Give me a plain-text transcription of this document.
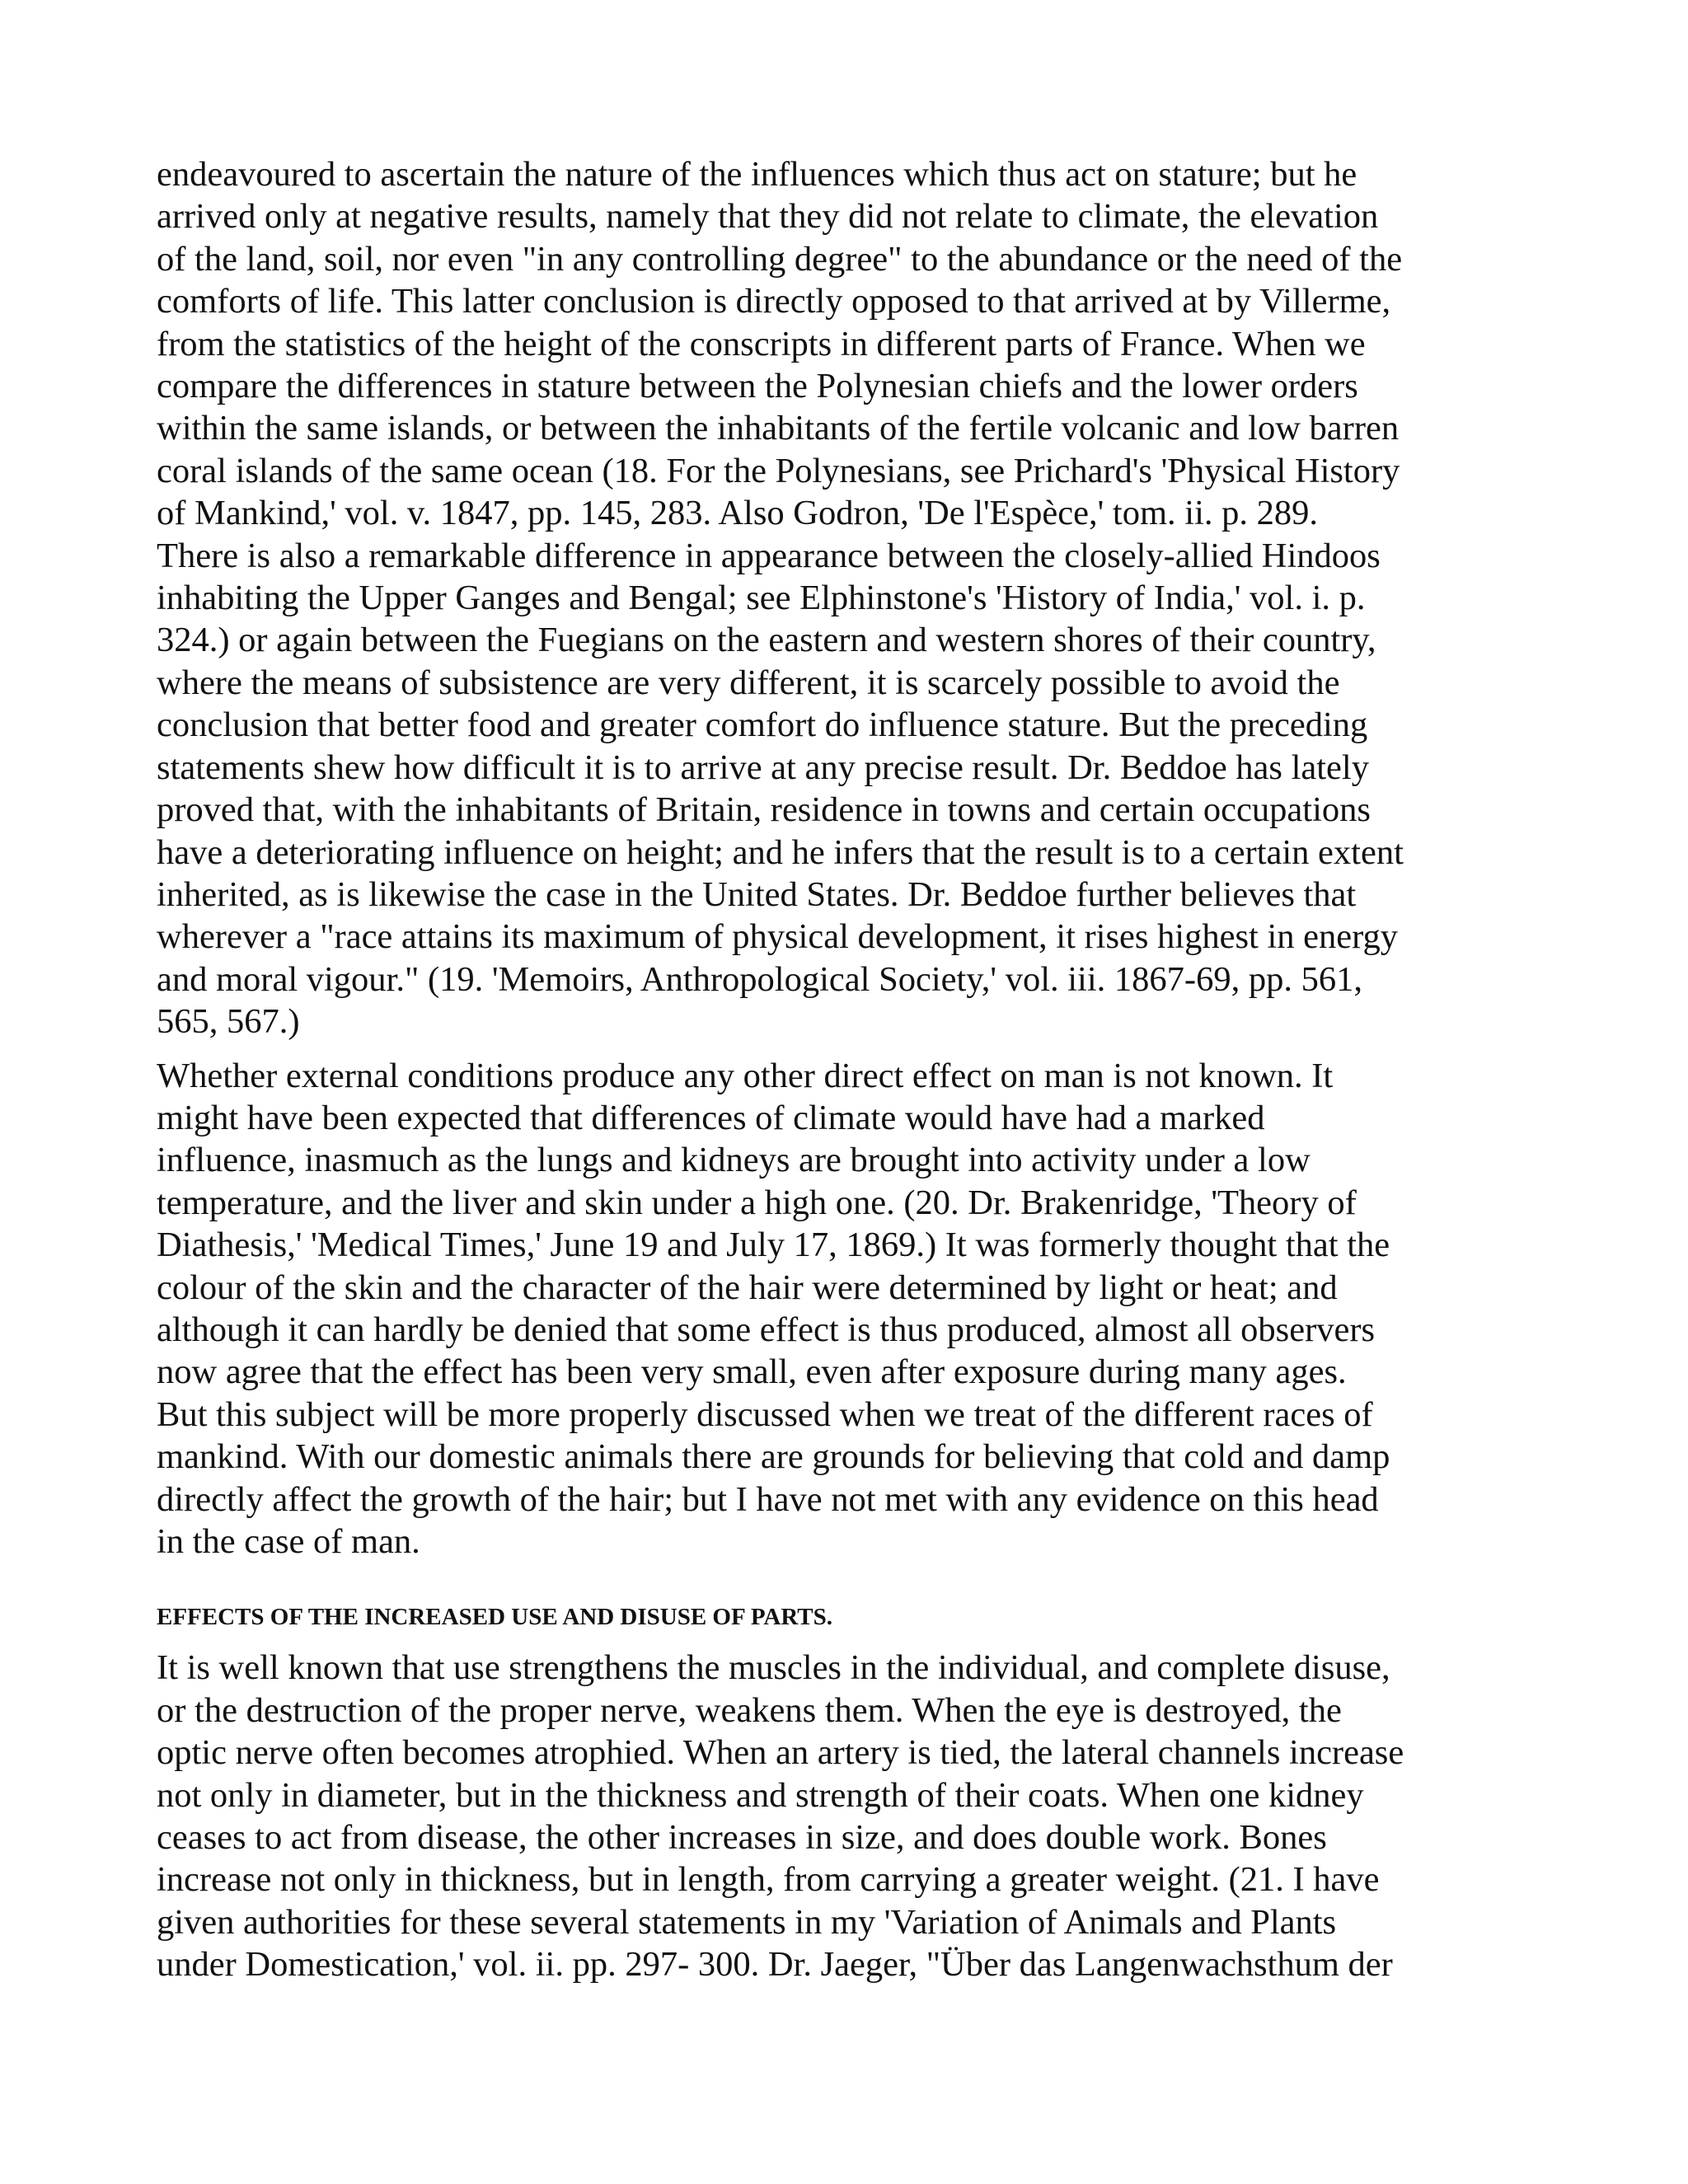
endeavoured to ascertain the nature of the influences which thus act on stature; but he
arrived only at negative results, namely that they did not relate to climate, the elevation
of the land, soil, nor even "in any controlling degree" to the abundance or the need of the
comforts of life. This latter conclusion is directly opposed to that arrived at by Villerme,
from the statistics of the height of the conscripts in different parts of France. When we
compare the differences in stature between the Polynesian chiefs and the lower orders
within the same islands, or between the inhabitants of the fertile volcanic and low barren
coral islands of the same ocean (18. For the Polynesians, see Prichard's 'Physical History
of Mankind,' vol. v. 1847, pp. 145, 283. Also Godron, 'De l'Espèce,' tom. ii. p. 289.
There is also a remarkable difference in appearance between the closely-allied Hindoos
inhabiting the Upper Ganges and Bengal; see Elphinstone's 'History of India,' vol. i. p.
324.) or again between the Fuegians on the eastern and western shores of their country,
where the means of subsistence are very different, it is scarcely possible to avoid the
conclusion that better food and greater comfort do influence stature. But the preceding
statements shew how difficult it is to arrive at any precise result. Dr. Beddoe has lately
proved that, with the inhabitants of Britain, residence in towns and certain occupations
have a deteriorating influence on height; and he infers that the result is to a certain extent
inherited, as is likewise the case in the United States. Dr. Beddoe further believes that
wherever a "race attains its maximum of physical development, it rises highest in energy
and moral vigour." (19. 'Memoirs, Anthropological Society,' vol. iii. 1867-69, pp. 561,
565, 567.)

Whether external conditions produce any other direct effect on man is not known. It
might have been expected that differences of climate would have had a marked
influence, inasmuch as the lungs and kidneys are brought into activity under a low
temperature, and the liver and skin under a high one. (20. Dr. Brakenridge, 'Theory of
Diathesis,' 'Medical Times,' June 19 and July 17, 1869.) It was formerly thought that the
colour of the skin and the character of the hair were determined by light or heat; and
although it can hardly be denied that some effect is thus produced, almost all observers
now agree that the effect has been very small, even after exposure during many ages.
But this subject will be more properly discussed when we treat of the different races of
mankind. With our domestic animals there are grounds for believing that cold and damp
directly affect the growth of the hair; but I have not met with any evidence on this head
in the case of man.

EFFECTS OF THE INCREASED USE AND DISUSE OF PARTS.

It is well known that use strengthens the muscles in the individual, and complete disuse,
or the destruction of the proper nerve, weakens them. When the eye is destroyed, the
optic nerve often becomes atrophied. When an artery is tied, the lateral channels increase
not only in diameter, but in the thickness and strength of their coats. When one kidney
ceases to act from disease, the other increases in size, and does double work. Bones
increase not only in thickness, but in length, from carrying a greater weight. (21. I have
given authorities for these several statements in my 'Variation of Animals and Plants
under Domestication,' vol. ii. pp. 297- 300. Dr. Jaeger, "Über das Langenwachsthum der
